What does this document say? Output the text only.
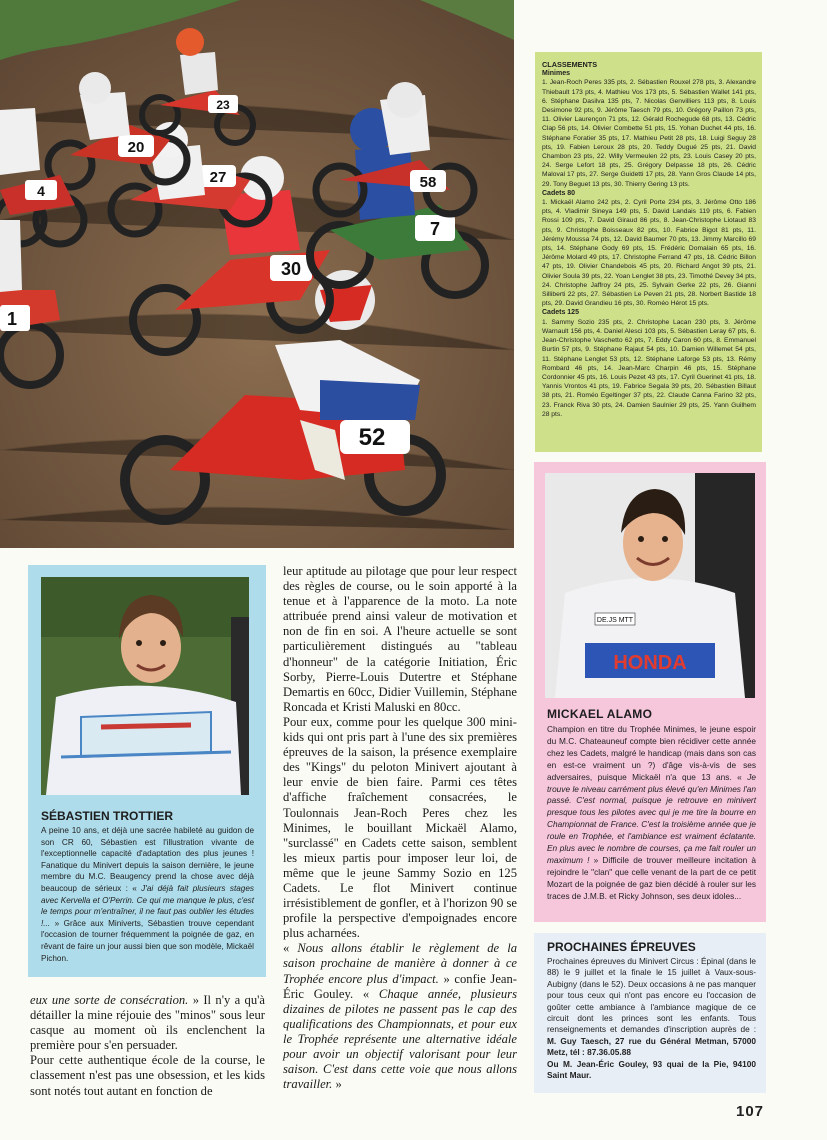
52
30
7
58
27
20
23
4
1
CLASSEMENTS
Minimes

1. Jean-Roch Peres 335 pts, 2. Sébastien Rouxel 278 pts, 3. Alexandre Thiebault 173 pts, 4. Mathieu Vos 173 pts, 5. Sébastien Wallet 141 pts, 6. Stéphane Dasilva 135 pts, 7. Nicolas Genvilliers 113 pts, 8. Louis Desimone 92 pts, 9. Jérôme Taesch 79 pts, 10. Grégory Paillon 73 pts, 11. Olivier Laurençon 71 pts, 12. Gérald Rochegude 68 pts, 13. Cédric Clap 56 pts, 14. Olivier Combette 51 pts, 15. Yohan Duchet 44 pts, 16. Stéphane Foratier 35 pts, 17. Mathieu Petit 28 pts, 18. Luigi Seguy 28 pts, 19. Fabien Leroux 28 pts, 20. Teddy Dugué 25 pts, 21. David Chambon 23 pts, 22. Willy Vermeulen 22 pts, 23. Louis Casey 20 pts, 24. Serge Lefort 18 pts, 25. Grégory Delpasse 18 pts, 26. Cédric Maloval 17 pts, 27. Serge Guidetti 17 pts, 28. Yann Gros Claude 14 pts, 29. Tony Beguet 13 pts, 30. Thierry Gering 13 pts.

Cadets 80

1. Mickaël Alamo 242 pts, 2. Cyril Porte 234 pts, 3. Jérôme Otto 186 pts, 4. Vladimir Sineya 149 pts, 5. David Landais 119 pts, 6. Fabien Rossi 109 pts, 7. David Giraud 86 pts, 8. Jean-Christophe Liotaud 83 pts, 9. Christophe Boisseaux 82 pts, 10. Fabrice Bigot 81 pts, 11. Jérémy Moussa 74 pts, 12. David Baumer 70 pts, 13. Jimmy Marcillo 69 pts, 14. Stéphane Gody 69 pts, 15. Frédéric Domalain 65 pts, 16. Jérôme Molard 49 pts, 17. Christophe Ferrand 47 pts, 18. Cédric Billon 47 pts, 19. Olivier Chandebois 45 pts, 20. Richard Angot 39 pts, 21. Olivier Soula 39 pts, 22. Yoan Lenglet 38 pts, 23. Timothé Devey 34 pts, 24. Christophe Jaffroy 24 pts, 25. Sylvain Gerke 22 pts, 26. Gianni Silliberti 22 pts, 27. Sébastien Le Peven 21 pts, 28. Norbert Bastide 18 pts, 29. David Grandieu 16 pts, 30. Roméo Hérot 15 pts.

Cadets 125

1. Sammy Sozio 235 pts, 2. Christophe Lacan 230 pts, 3. Jérôme Warnault 156 pts, 4. Daniel Alesci 103 pts, 5. Sébastien Leray 67 pts, 6. Jean-Christophe Vaschetto 62 pts, 7. Eddy Caron 60 pts, 8. Emmanuel Burtin 57 pts, 9. Stéphane Rajaut 54 pts, 10. Damien Willemet 54 pts, 11. Stéphane Lenglet 53 pts, 12. Stéphane Laforge 53 pts, 13. Rémy Rombard 46 pts, 14. Jean-Marc Charpin 46 pts, 15. Stéphane Cordonnier 45 pts, 16. Louis Pezet 43 pts, 17. Cyril Guerinet 41 pts, 18. Yannis Vrontos 41 pts, 19. Fabrice Segala 39 pts, 20. Sébastien Billaut 38 pts, 21. Roméo Egeltinger 37 pts, 22. Claude Canna Farino 32 pts, 23. Franck Riva 30 pts, 24. Damien Saulnier 29 pts, 25. Yann Guilhem 28 pts.

HONDA
DE.JS MTT
MICKAEL ALAMO
Champion en titre du Trophée Minimes, le jeune espoir du M.C. Chateauneuf compte bien récidiver cette année chez les Cadets, malgré le handicap (mais dans son cas en est-ce vraiment un ?) d'âge vis-à-vis de ses adversaires, puisque Mickaël n'a que 13 ans. « Je trouve le niveau carrément plus élevé qu'en Minimes l'an passé. C'est normal, puisque je retrouve en minivert presque tous les pilotes avec qui je me tire la bourre en Championnat de France. C'est la troisième année que je roule en Trophée, et l'ambiance est vraiment éclatante. En plus avec le nombre de courses, ça me fait rouler un maximum ! » Difficile de trouver meilleure incitation à rejoindre le "clan" que celle venant de la part de ce petit Mozart de la poignée de gaz bien décidé à rouler sur les traces de J.M.B. et Ricky Johnson, ses deux idoles...
SÉBASTIEN TROTTIER
A peine 10 ans, et déjà une sacrée habileté au guidon de son CR 60, Sébastien est l'illustration vivante de l'exceptionnelle capacité d'adaptation des plus jeunes ! Fanatique du Minivert depuis la saison dernière, le jeune membre du M.C. Beaugency prend la chose avec déjà beaucoup de sérieux : « J'ai déjà fait plusieurs stages avec Kervella et O'Perrin. Ce qui me manque le plus, c'est le temps pour m'entraîner, il ne faut pas oublier les études !... » Grâce aux Miniverts, Sébastien trouve cependant l'occasion de tourner fréquemment la poignée de gaz, en rêvant de faire un jour aussi bien que son modèle, Mickaël Pichon.

leur aptitude au pilotage que pour leur respect des règles de course, ou le soin apporté à la tenue et à l'apparence de la moto. La note attribuée prend ainsi valeur de motivation et non de fin en soi. A l'heure actuelle se sont particulièrement distingués au "tableau d'honneur" de la catégorie Initiation, Éric Sorby, Pierre-Louis Dutertre et Stéphane Demartis en 60cc, Didier Vuillemin, Stéphane Roncada et Kristi Maluski en 80cc.

Pour eux, comme pour les quelque 300 mini-kids qui ont pris part à l'une des six premières épreuves de la saison, la présence exemplaire des "Kings" du peloton Minivert ajoutant à leur envie de bien faire. Parmi ces têtes d'affiche fraîchement consacrées, le Toulonnais Jean-Roch Peres chez les Minimes, le bouillant Mickaël Alamo, "surclassé" en Cadets cette saison, semblent les mieux partis pour imposer leur loi, de même que le jeune Sammy Sozio en 125 Cadets. Le flot Minivert continue irrésistiblement de gonfler, et à l'horizon 90 se profile la perspective d'empoignades encore plus acharnées.

« Nous allons établir le règlement de la saison prochaine de manière à donner à ce Trophée encore plus d'impact. » confie Jean-Éric Gouley. « Chaque année, plusieurs dizaines de pilotes ne passent pas le cap des qualifications des Championnats, et pour eux le Trophée représente une alternative idéale pour avoir un objectif valorisant pour leur saison. C'est dans cette voie que nous allons travailler. »

eux une sorte de consécration. » Il n'y a qu'à détailler la mine réjouie des "minos" sous leur casque au moment où ils enclenchent la première pour s'en persuader.

Pour cette authentique école de la course, le classement n'est pas une obsession, et les kids sont notés tout autant en fonction de

PROCHAINES ÉPREUVES
Prochaines épreuves du Minivert Circus : Épinal (dans le 88) le 9 juillet et la finale le 15 juillet à Vaux-sous-Aubigny (dans le 52). Deux occasions à ne pas manquer pour tous ceux qui n'ont pas encore eu l'occasion de goûter cette ambiance à l'ambiance magique de ce circuit dont les princes sont les enfants. Tous renseignements et demandes d'inscription auprès de : M. Guy Taesch, 27 rue du Général Metman, 57000 Metz, tél : 87.36.05.88
Ou M. Jean-Éric Gouley, 93 quai de la Pie, 94100 Saint Maur.
107
